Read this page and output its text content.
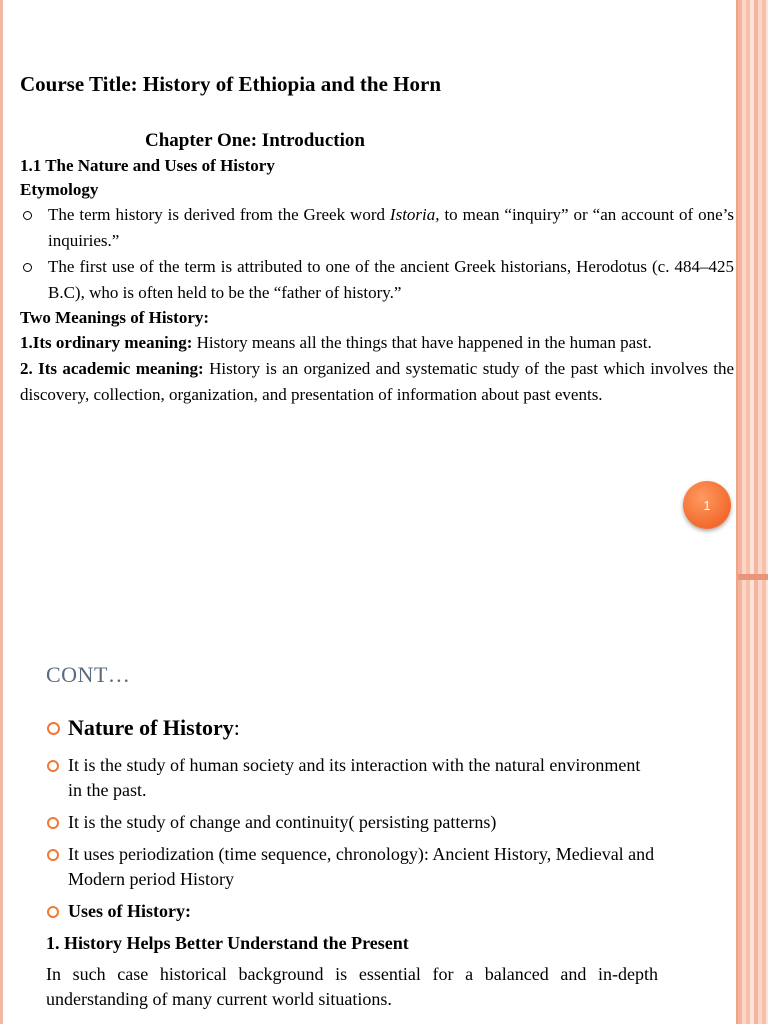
Course Title: History of Ethiopia and the Horn

Chapter One: Introduction

1.1 The Nature and Uses of History

Etymology

The term history is derived from the Greek word Istoria, to mean “inquiry” or “an account of one’s inquiries.”
The first use of the term is attributed to one of the ancient Greek historians, Herodotus (c. 484–425 B.C), who is often held to be the “father of history.”

Two Meanings of History:

1.Its ordinary meaning: History means all the things that have happened in the human past.
2. Its academic meaning: History is an organized and systematic study of the past which involves the discovery, collection, organization, and presentation of information about past events.
1
CONT…
Nature of History:
It is the study of human society and its interaction with the natural environment in the past.
It is the study of change and continuity( persisting patterns)
It uses periodization (time sequence, chronology): Ancient History, Medieval and Modern period History
Uses of History:

1. History Helps Better Understand the Present

In such case historical background is essential for a balanced and in-depth understanding of many current world situations.
